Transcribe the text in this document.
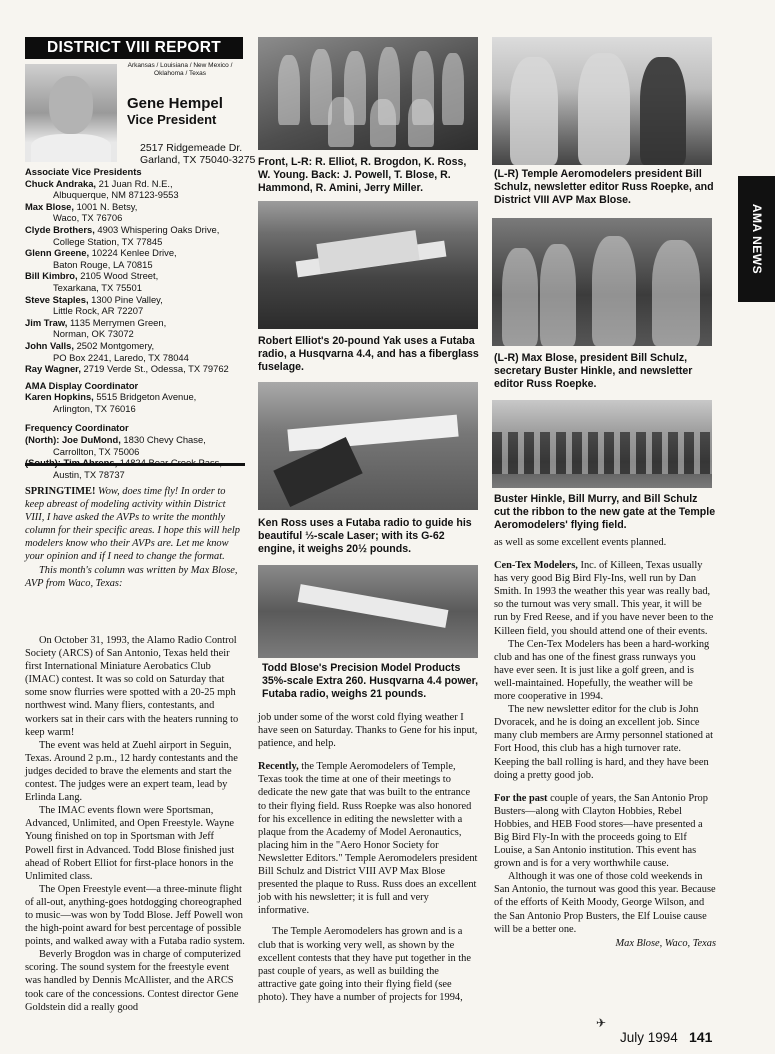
DISTRICT VIII REPORT
Arkansas / Louisiana / New Mexico /
Oklahoma / Texas
Gene Hempel
Vice President
2517 Ridgemeade Dr.
Garland, TX 75040-3275
Associate Vice Presidents
Chuck Andraka, 21 Juan Rd. N.E.,
Albuquerque, NM 87123-9553
Max Blose, 1001 N. Betsy,
Waco, TX 76706
Clyde Brothers, 4903 Whispering Oaks Drive,
College Station, TX 77845
Glenn Greene, 10224 Kenlee Drive,
Baton Rouge, LA 70815
Bill Kimbro, 2105 Wood Street,
Texarkana, TX 75501
Steve Staples, 1300 Pine Valley,
Little Rock, AR 72207
Jim Traw, 1135 Merrymen Green,
Norman, OK 73072
John Valls, 2502 Montgomery,
PO Box 2241, Laredo, TX 78044
Ray Wagner, 2719 Verde St., Odessa, TX 79762
AMA Display Coordinator
Karen Hopkins, 5515 Bridgeton Avenue,
Arlington, TX 76016
Frequency Coordinator
(North): Joe DuMond, 1830 Chevy Chase,
Carrollton, TX 75006
Austin, TX 78737

SPRINGTIME! Wow, does time fly! In order to keep abreast of modeling activity within District VIII, I have asked the AVPs to write the monthly column for their specific areas. I hope this will help modelers know who their AVPs are. Let me know your opinion and if I need to change the format.

This month's column was written by Max Blose, AVP from Waco, Texas:

On October 31, 1993, the Alamo Radio Control Society (ARCS) of San Antonio, Texas held their first International Miniature Aerobatics Club (IMAC) contest. It was so cold on Saturday that some snow flurries were spotted with a 20-25 mph northwest wind. Many fliers, contestants, and workers sat in their cars with the heaters running to keep warm!

The event was held at Zuehl airport in Seguin, Texas. Around 2 p.m., 12 hardy contestants and the judges decided to brave the elements and start the contest. The judges were an expert team, lead by Erlinda Lang.

The IMAC events flown were Sportsman, Advanced, Unlimited, and Open Freestyle. Wayne Young finished on top in Sportsman with Jeff Powell first in Advanced. Todd Blose finished just ahead of Robert Elliot for first-place honors in the Unlimited class.

The Open Freestyle event—a three-minute flight of all-out, anything-goes hotdogging choreographed to music—was won by Todd Blose. Jeff Powell won the high-point award for best percentage of possible points, and walked away with a Futaba radio system.

Beverly Brogdon was in charge of computerized scoring. The sound system for the freestyle event was handled by Dennis McAllister, and the ARCS took care of the concessions. Contest director Gene Goldstein did a really good

Front, L-R: R. Elliot, R. Brogdon, K. Ross, W. Young. Back: J. Powell, T. Blose, R. Hammond, R. Amini, Jerry Miller.
Robert Elliot's 20-pound Yak uses a Futaba radio, a Husqvarna 4.4, and has a fiberglass fuselage.
Ken Ross uses a Futaba radio to guide his beautiful ⅓-scale Laser; with its G-62 engine, it weighs 20½ pounds.
Todd Blose's Precision Model Products 35%-scale Extra 260. Husqvarna 4.4 power, Futaba radio, weighs 21 pounds.

job under some of the worst cold flying weather I have seen on Saturday. Thanks to Gene for his input, patience, and help.

Recently, the Temple Aeromodelers of Temple, Texas took the time at one of their meetings to dedicate the new gate that was built to the entrance to their flying field. Russ Roepke was also honored for his excellence in editing the newsletter with a plaque from the Academy of Model Aeronautics, placing him in the "Aero Honor Society for Newsletter Editors." Temple Aeromodelers president Bill Schulz and District VIII AVP Max Blose presented the plaque to Russ. Russ does an excellent job with his newsletter; it is full and very informative.

The Temple Aeromodelers has grown and is a club that is working very well, as shown by the excellent contests that they have put together in the past couple of years, as well as building the attractive gate going into their flying field (see photo). They have a number of projects for 1994,

(L-R) Temple Aeromodelers president Bill Schulz, newsletter editor Russ Roepke, and District VIII AVP Max Blose.
(L-R) Max Blose, president Bill Schulz, secretary Buster Hinkle, and newsletter editor Russ Roepke.
Buster Hinkle, Bill Murry, and Bill Schulz cut the ribbon to the new gate at the Temple Aeromodelers' flying field.

as well as some excellent events planned.

Cen-Tex Modelers, Inc. of Killeen, Texas usually has very good Big Bird Fly-Ins, well run by Dan Smith. In 1993 the weather this year was really bad, so the turnout was very small. This year, it will be run by Fred Reese, and if you have never been to the Killeen field, you should attend one of their events.

The Cen-Tex Modelers has been a hard-working club and has one of the finest grass runways you have ever seen. It is just like a golf green, and is well-maintained. Hopefully, the weather will be more cooperative in 1994.

The new newsletter editor for the club is John Dvoracek, and he is doing an excellent job. Since many club members are Army personnel stationed at Fort Hood, this club has a high turnover rate. Keeping the ball rolling is hard, and they have been doing a pretty good job.

For the past couple of years, the San Antonio Prop Busters—along with Clayton Hobbies, Rebel Hobbies, and HEB Food stores—have presented a Big Bird Fly-In with the proceeds going to Elf Louise, a San Antonio institution. This event has grown and is for a very worthwhile cause.

Although it was one of those cold weekends in San Antonio, the turnout was good this year. Because of the efforts of Keith Moody, George Wilson, and the San Antonio Prop Busters, the Elf Louise cause will be a better one.

Max Blose, Waco, Texas
AMA NEWS
✈
July 1994 141
